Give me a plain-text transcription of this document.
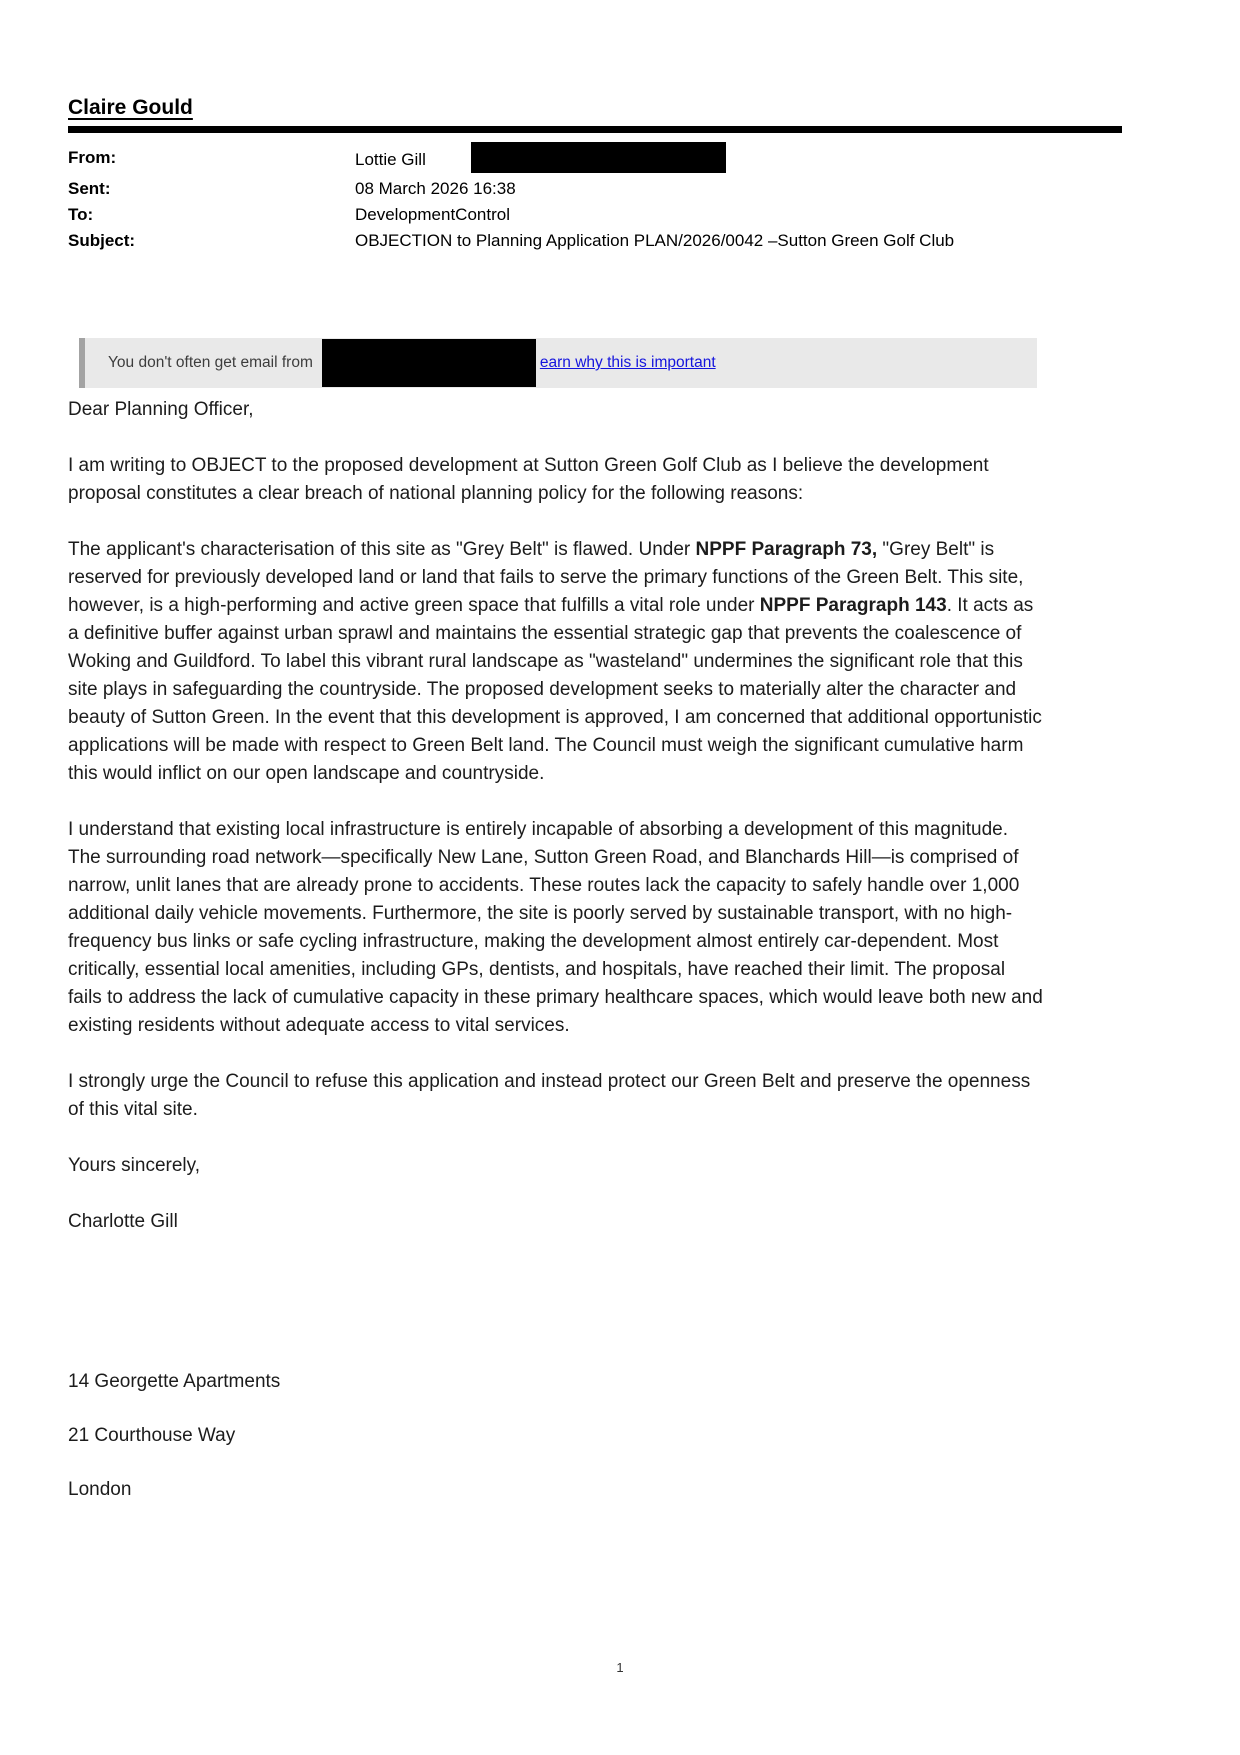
Claire Gould
From:	Lottie Gill
Sent:	08 March 2026 16:38
To:	DevelopmentControl
Subject:	OBJECTION to Planning Application PLAN/2026/0042 –Sutton Green Golf Club
You don't often get email from	earn why this is important

Dear Planning Officer,

I am writing to OBJECT to the proposed development at Sutton Green Golf Club as I believe the development proposal constitutes a clear breach of national planning policy for the following reasons:

The applicant's characterisation of this site as "Grey Belt" is flawed. Under NPPF Paragraph 73, "Grey Belt" is reserved for previously developed land or land that fails to serve the primary functions of the Green Belt. This site, however, is a high-performing and active green space that fulfills a vital role under NPPF Paragraph 143. It acts as a definitive buffer against urban sprawl and maintains the essential strategic gap that prevents the coalescence of Woking and Guildford. To label this vibrant rural landscape as "wasteland" undermines the significant role that this site plays in safeguarding the countryside. The proposed development seeks to materially alter the character and beauty of Sutton Green. In the event that this development is approved, I am concerned that additional opportunistic applications will be made with respect to Green Belt land. The Council must weigh the significant cumulative harm this would inflict on our open landscape and countryside.

I understand that existing local infrastructure is entirely incapable of absorbing a development of this magnitude. The surrounding road network—specifically New Lane, Sutton Green Road, and Blanchards Hill—is comprised of narrow, unlit lanes that are already prone to accidents. These routes lack the capacity to safely handle over 1,000 additional daily vehicle movements. Furthermore, the site is poorly served by sustainable transport, with no high-frequency bus links or safe cycling infrastructure, making the development almost entirely car-dependent. Most critically, essential local amenities, including GPs, dentists, and hospitals, have reached their limit. The proposal fails to address the lack of cumulative capacity in these primary healthcare spaces, which would leave both new and existing residents without adequate access to vital services.

I strongly urge the Council to refuse this application and instead protect our Green Belt and preserve the openness of this vital site.

Yours sincerely,

Charlotte Gill

14 Georgette Apartments

21 Courthouse Way

London

1
